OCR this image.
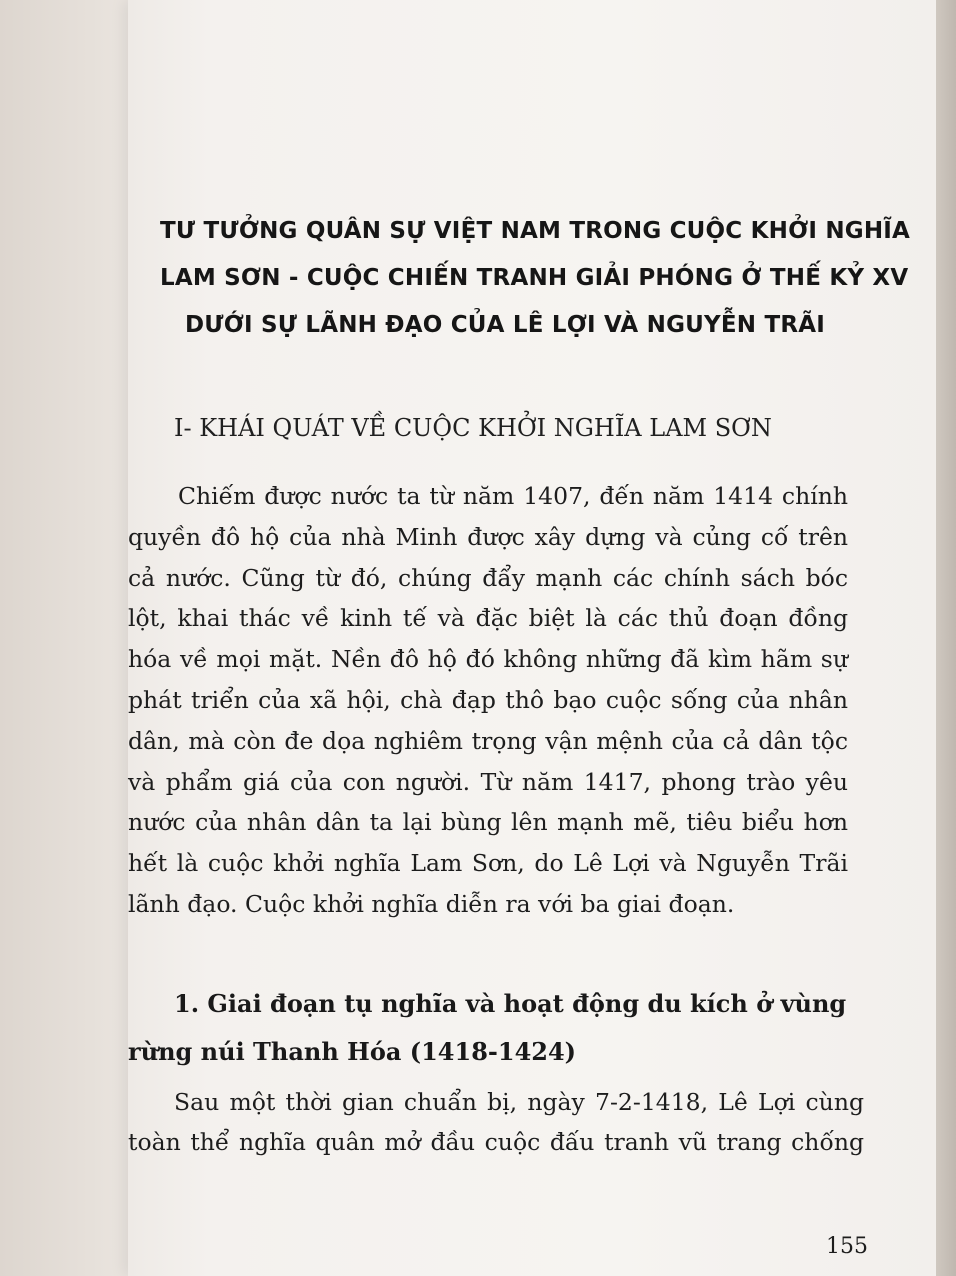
TƯ TƯỞNG QUÂN SỰ VIỆT NAM TRONG CUỘC KHỞI NGHĨA
LAM SƠN - CUỘC CHIẾN TRANH GIẢI PHÓNG Ở THẾ KỶ XV
DƯỚI SỰ LÃNH ĐẠO CỦA LÊ LỢI VÀ NGUYỄN TRÃI
I- KHÁI QUÁT VỀ CUỘC KHỞI NGHĨA LAM SƠN
Chiếm được nước ta từ năm 1407, đến năm 1414 chính
quyền đô hộ của nhà Minh được xây dựng và củng cố trên
cả nước. Cũng từ đó, chúng đẩy mạnh các chính sách bóc
lột, khai thác về kinh tế và đặc biệt là các thủ đoạn đồng
hóa về mọi mặt. Nền đô hộ đó không những đã kìm hãm sự
phát triển của xã hội, chà đạp thô bạo cuộc sống của nhân
dân, mà còn đe dọa nghiêm trọng vận mệnh của cả dân tộc
và phẩm giá của con người. Từ năm 1417, phong trào yêu
nước của nhân dân ta lại bùng lên mạnh mẽ, tiêu biểu hơn
hết là cuộc khởi nghĩa Lam Sơn, do Lê Lợi và Nguyễn Trãi
lãnh đạo. Cuộc khởi nghĩa diễn ra với ba giai đoạn.
1. Giai đoạn tụ nghĩa và hoạt động du kích ở vùng
rừng núi Thanh Hóa (1418-1424)
Sau một thời gian chuẩn bị, ngày 7-2-1418, Lê Lợi cùng
toàn thể nghĩa quân mở đầu cuộc đấu tranh vũ trang chống

155
